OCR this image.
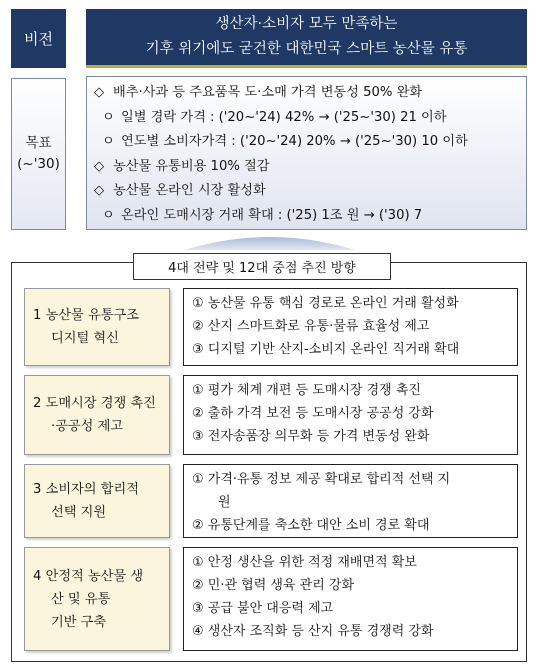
비전
생산자·소비자 모두 만족하는
기후 위기에도 굳건한 대한민국 스마트 농산물 유통
목표
(~'30)
◇ 배추·사과 등 주요품목 도·소매 가격 변동성 50% 완화
ㅇ 일별 경락 가격 : ('20~'24) 42% → ('25~'30) 21 이하
ㅇ 연도별 소비자가격 : ('20~'24) 20% → ('25~'30) 10 이하
◇ 농산물 유통비용 10% 절감
◇ 농산물 온라인 시장 활성화
ㅇ 온라인 도매시장 거래 확대 : ('25) 1조 원 → ('30) 7
4대 전략 및 12대 중점 추진 방향
1 농산물 유통구조
디지털 혁신
① 농산물 유통 핵심 경로로 온라인 거래 활성화
② 산지 스마트화로 유통·물류 효율성 제고
③ 디지털 기반 산지-소비지 온라인 직거래 확대
2 도매시장 경쟁 촉진
·공공성 제고
① 평가 체계 개편 등 도매시장 경쟁 촉진
② 출하 가격 보전 등 도매시장 공공성 강화
③ 전자송품장 의무화 등 가격 변동성 완화
3 소비자의 합리적
선택 지원
① 가격·유통 정보 제공 확대로 합리적 선택 지
원
② 유통단계를 축소한 대안 소비 경로 확대
4 안정적 농산물 생
산 및 유통
기반 구축
① 안정 생산을 위한 적정 재배면적 확보
② 민·관 협력 생육 관리 강화
③ 공급 불안 대응력 제고
④ 생산자 조직화 등 산지 유통 경쟁력 강화
